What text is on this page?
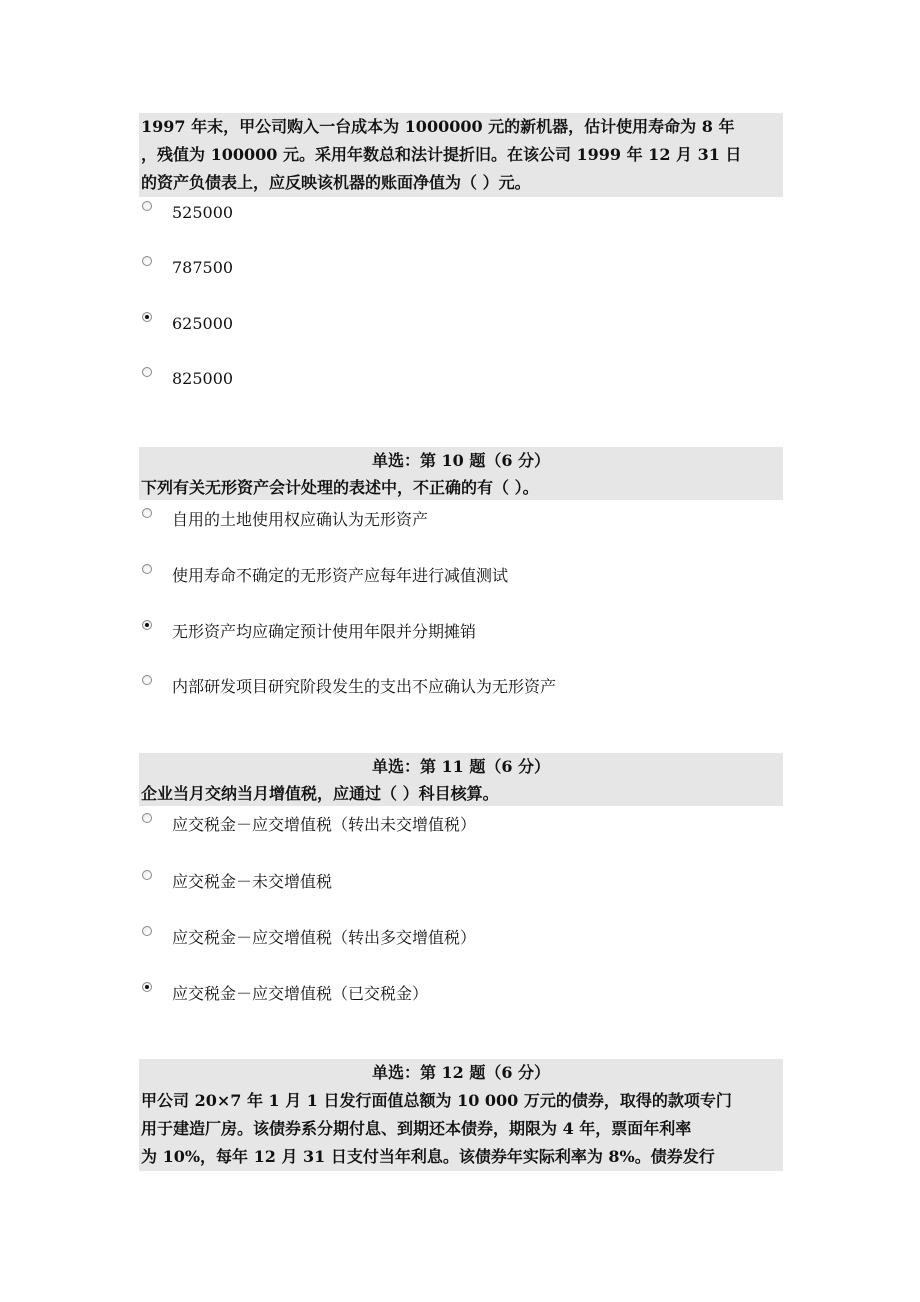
1997 年末，甲公司购入一台成本为 1000000 元的新机器，估计使用寿命为 8 年
，残值为 100000 元。采用年数总和法计提折旧。在该公司 1999 年 12 月 31 日
的资产负债表上，应反映该机器的账面净值为（ ）元。
525000
787500
625000
825000
单选：第 10 题（6 分）
下列有关无形资产会计处理的表述中，不正确的有（ ）。
自用的土地使用权应确认为无形资产
使用寿命不确定的无形资产应每年进行减值测试
无形资产均应确定预计使用年限并分期摊销
内部研发项目研究阶段发生的支出不应确认为无形资产
单选：第 11 题（6 分）
企业当月交纳当月增值税，应通过（ ）科目核算。
应交税金－应交增值税（转出未交增值税）
应交税金－未交增值税
应交税金－应交增值税（转出多交增值税）
应交税金－应交增值税（已交税金）
单选：第 12 题（6 分）
甲公司 20×7 年 1 月 1 日发行面值总额为 10 000 万元的债券，取得的款项专门
用于建造厂房。该债券系分期付息、到期还本债券，期限为 4 年，票面年利率
为 10%，每年 12 月 31 日支付当年利息。该债券年实际利率为 8%。债券发行
